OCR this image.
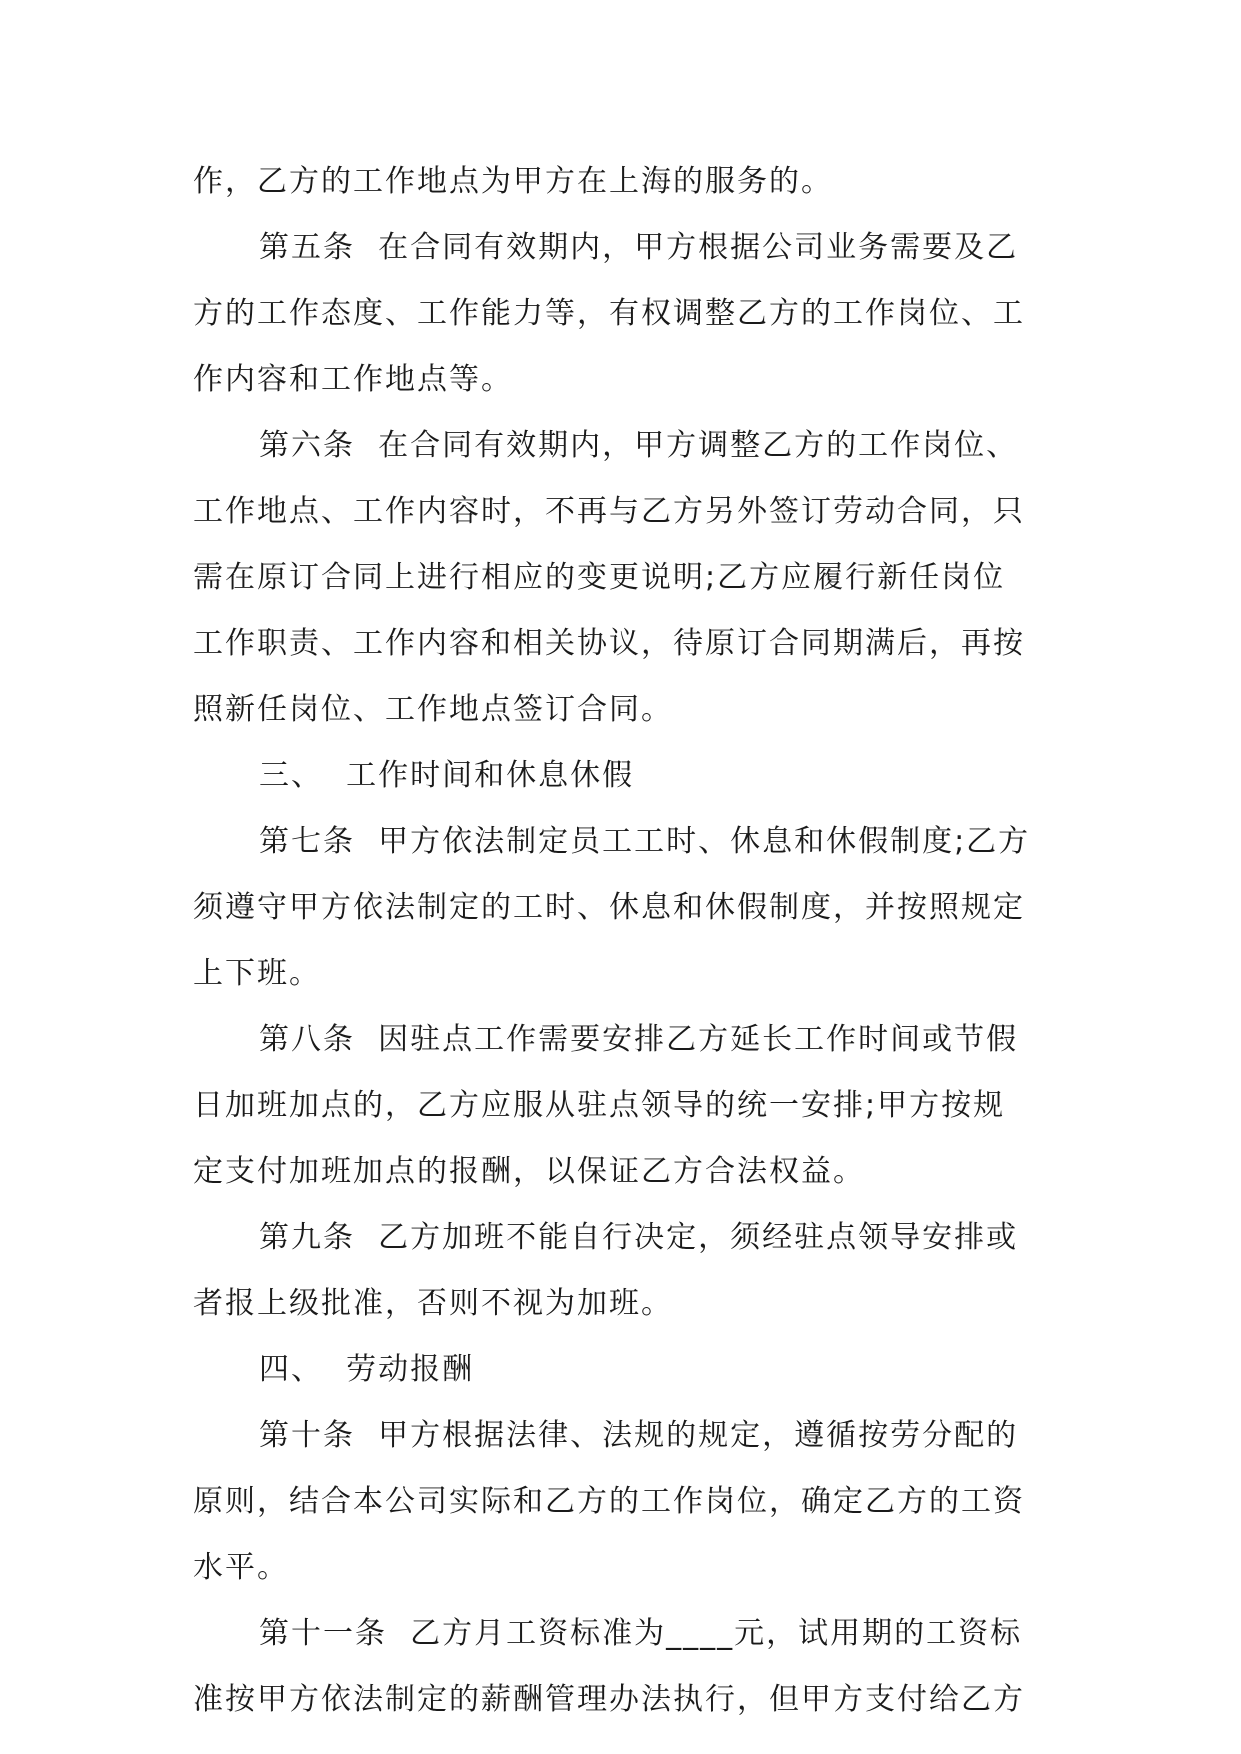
作，乙方的工作地点为甲方在上海的服务的。
第五条  在合同有效期内，甲方根据公司业务需要及乙
方的工作态度、工作能力等，有权调整乙方的工作岗位、工
作内容和工作地点等。
第六条  在合同有效期内，甲方调整乙方的工作岗位、
工作地点、工作内容时，不再与乙方另外签订劳动合同，只
需在原订合同上进行相应的变更说明;乙方应履行新任岗位
工作职责、工作内容和相关协议，待原订合同期满后，再按
照新任岗位、工作地点签订合同。
三、  工作时间和休息休假
第七条  甲方依法制定员工工时、休息和休假制度;乙方
须遵守甲方依法制定的工时、休息和休假制度，并按照规定
上下班。
第八条  因驻点工作需要安排乙方延长工作时间或节假
日加班加点的，乙方应服从驻点领导的统一安排;甲方按规
定支付加班加点的报酬，以保证乙方合法权益。
第九条  乙方加班不能自行决定，须经驻点领导安排或
者报上级批准，否则不视为加班。
四、  劳动报酬
第十条  甲方根据法律、法规的规定，遵循按劳分配的
原则，结合本公司实际和乙方的工作岗位，确定乙方的工资
水平。
第十一条  乙方月工资标准为____元，试用期的工资标
准按甲方依法制定的薪酬管理办法执行，但甲方支付给乙方
